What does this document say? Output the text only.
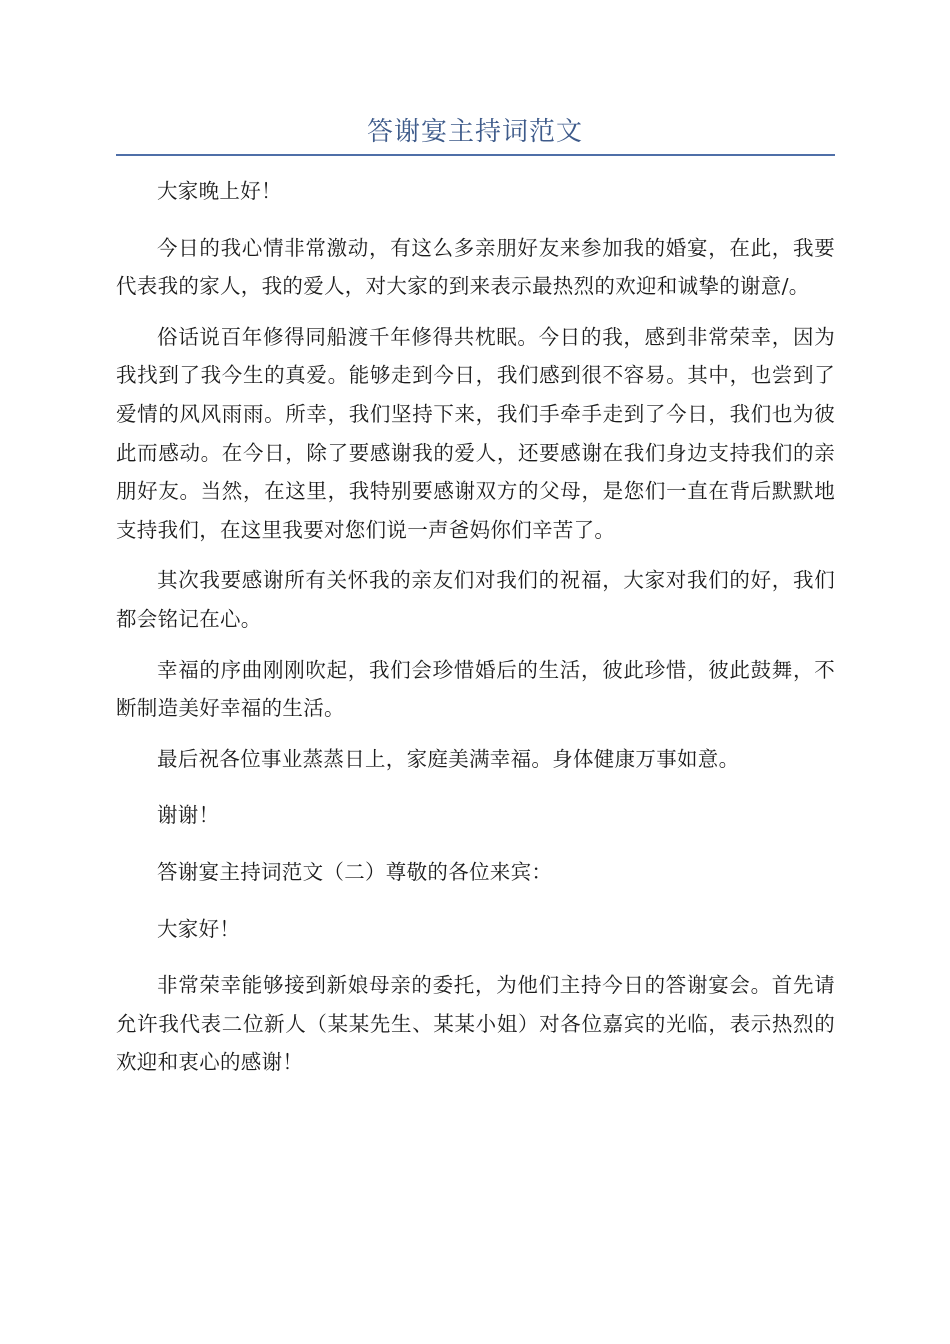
答谢宴主持词范文

大家晚上好！

今日的我心情非常激动，有这么多亲朋好友来参加我的婚宴，在此，我要代表我的家人，我的爱人，对大家的到来表示最热烈的欢迎和诚挚的谢意/。

俗话说百年修得同船渡千年修得共枕眠。今日的我，感到非常荣幸，因为我找到了我今生的真爱。能够走到今日，我们感到很不容易。其中，也尝到了爱情的风风雨雨。所幸，我们坚持下来，我们手牵手走到了今日，我们也为彼此而感动。在今日，除了要感谢我的爱人，还要感谢在我们身边支持我们的亲朋好友。当然，在这里，我特别要感谢双方的父母，是您们一直在背后默默地支持我们，在这里我要对您们说一声爸妈你们辛苦了。

其次我要感谢所有关怀我的亲友们对我们的祝福，大家对我们的好，我们都会铭记在心。

幸福的序曲刚刚吹起，我们会珍惜婚后的生活，彼此珍惜，彼此鼓舞，不断制造美好幸福的生活。

最后祝各位事业蒸蒸日上，家庭美满幸福。身体健康万事如意。

谢谢！

答谢宴主持词范文（二）尊敬的各位来宾：

大家好！

非常荣幸能够接到新娘母亲的委托，为他们主持今日的答谢宴会。首先请允许我代表二位新人（某某先生、某某小姐）对各位嘉宾的光临，表示热烈的欢迎和衷心的感谢！
